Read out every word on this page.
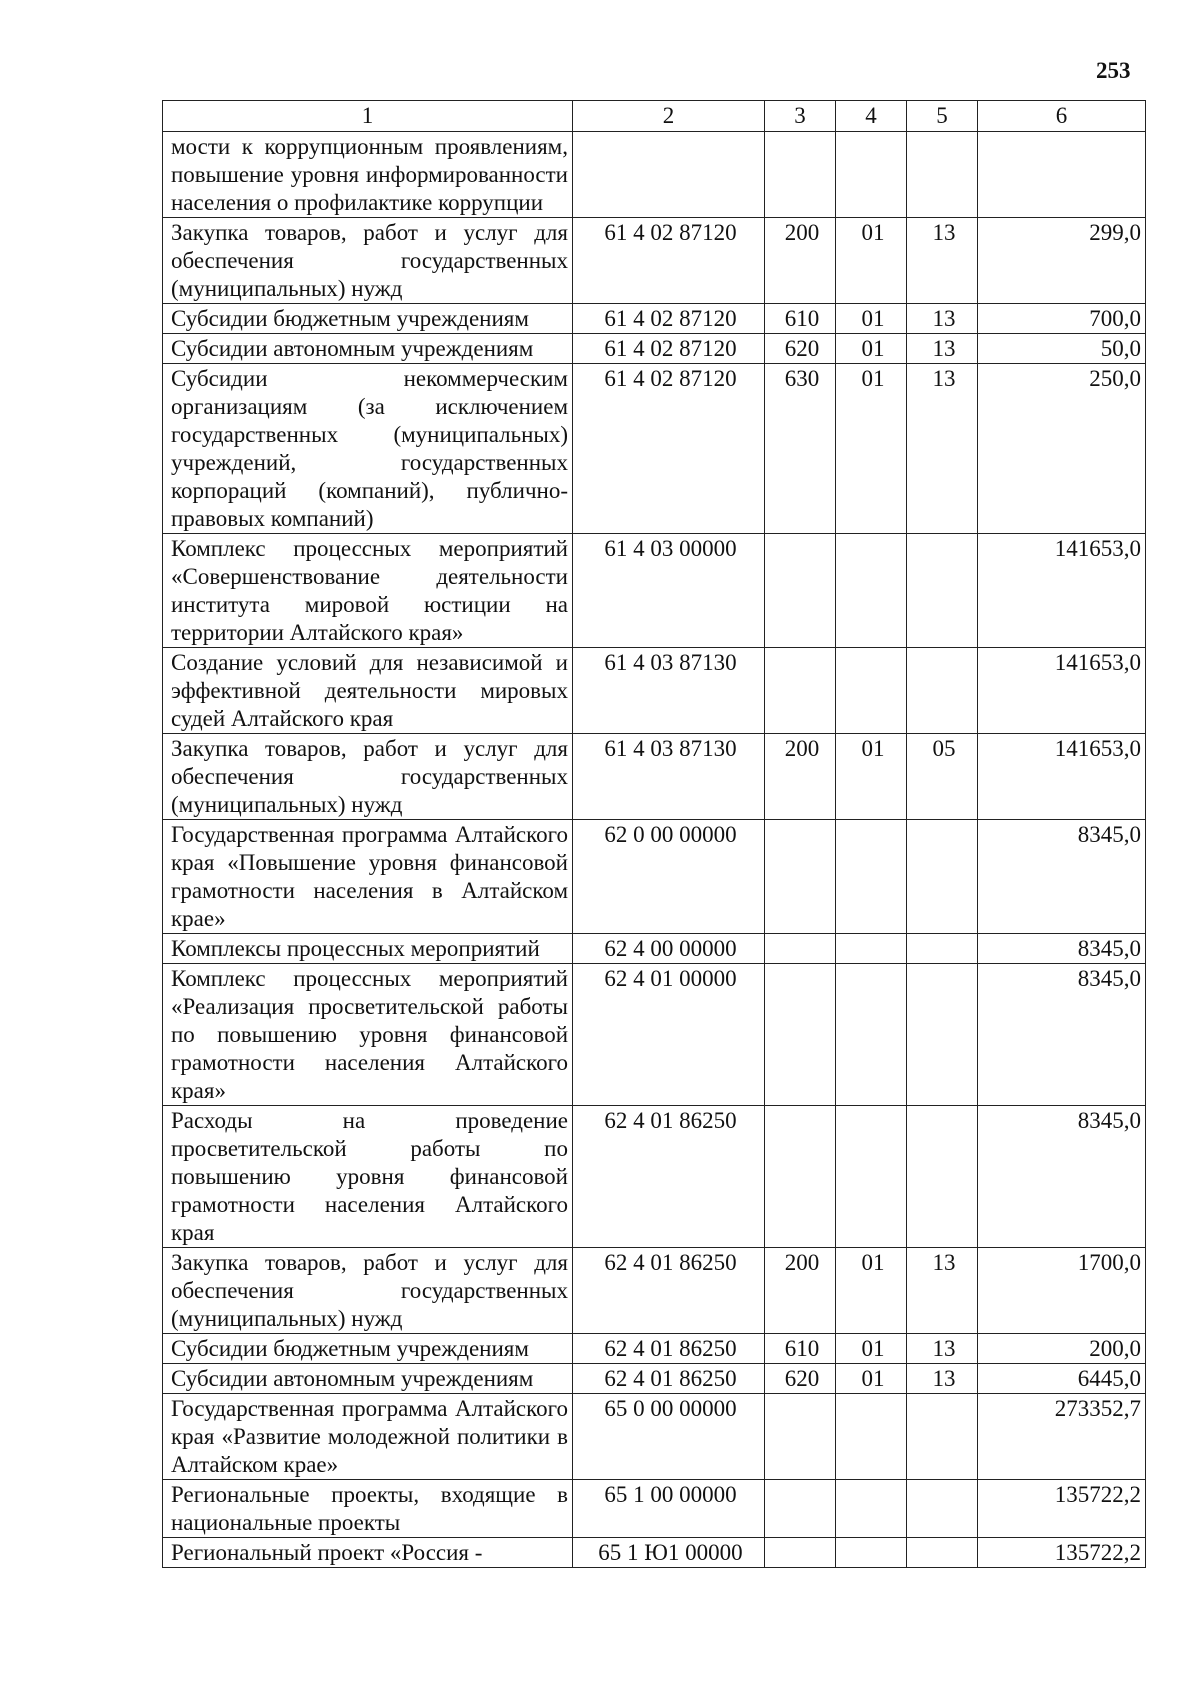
253
1	2	3	4	5	6
мости к коррупционным проявлениям, повышение уровня информированности населения о профилактике коррупции					
Закупка товаров, работ и услуг для обеспечения государственных (муниципальных) нужд	61 4 02 87120	200	01	13	299,0
Субсидии бюджетным учреждениям	61 4 02 87120	610	01	13	700,0
Субсидии автономным учреждениям	61 4 02 87120	620	01	13	50,0
Субсидии некоммерческим организациям (за исключением государственных (муниципальных) учреждений, государственных корпораций (компаний), публично-правовых компаний)	61 4 02 87120	630	01	13	250,0
Комплекс процессных мероприятий «Совершенствование деятельности института мировой юстиции на территории Алтайского края»	61 4 03 00000				141653,0
Создание условий для независимой и эффективной деятельности мировых судей Алтайского края	61 4 03 87130				141653,0
Закупка товаров, работ и услуг для обеспечения государственных (муниципальных) нужд	61 4 03 87130	200	01	05	141653,0
Государственная программа Алтайского края «Повышение уровня финансовой грамотности населения в Алтайском крае»	62 0 00 00000				8345,0
Комплексы процессных мероприятий	62 4 00 00000				8345,0
Комплекс процессных мероприятий «Реализация просветительской работы по повышению уровня финансовой грамотности населения Алтайского края»	62 4 01 00000				8345,0
Расходы на проведение просветительской работы по повышению уровня финансовой грамотности населения Алтайского края	62 4 01 86250				8345,0
Закупка товаров, работ и услуг для обеспечения государственных (муниципальных) нужд	62 4 01 86250	200	01	13	1700,0
Субсидии бюджетным учреждениям	62 4 01 86250	610	01	13	200,0
Субсидии автономным учреждениям	62 4 01 86250	620	01	13	6445,0
Государственная программа Алтайского края «Развитие молодежной политики в Алтайском крае»	65 0 00 00000				273352,7
Региональные проекты, входящие в национальные проекты	65 1 00 00000				135722,2
Региональный проект «Россия -	65 1 Ю1 00000				135722,2
